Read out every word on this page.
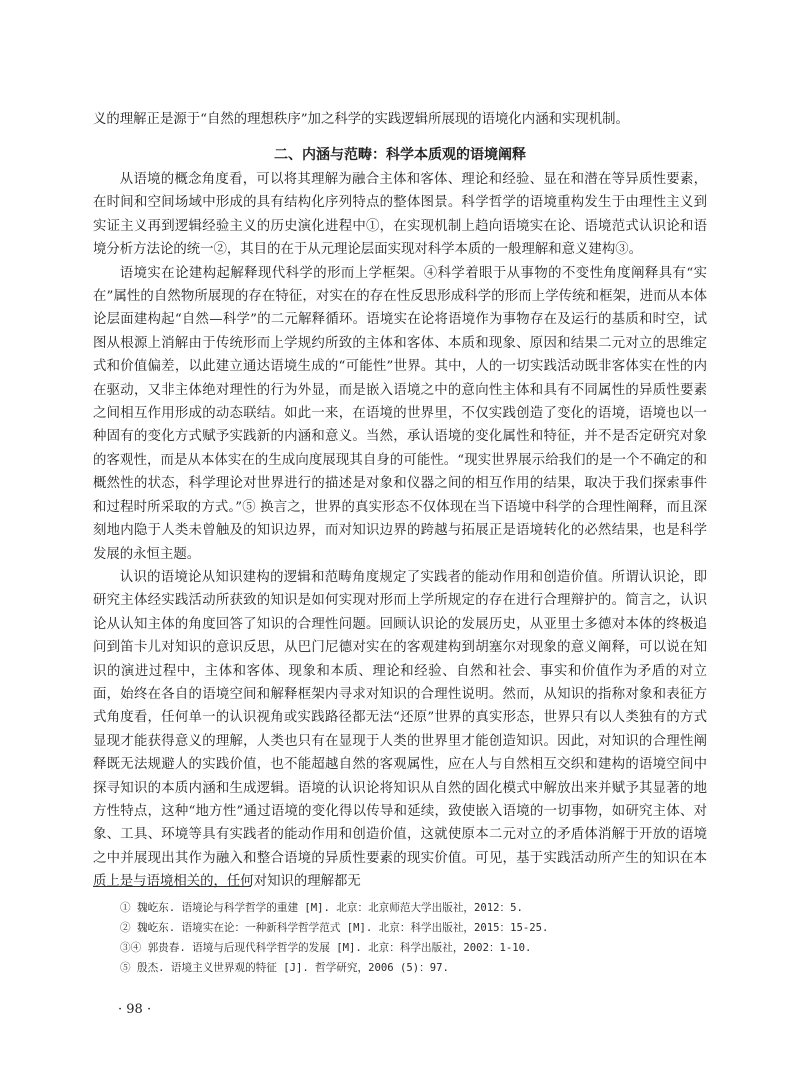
义的理解正是源于“自然的理想秩序”加之科学的实践逻辑所展现的语境化内涵和实现机制。

二、内涵与范畴：科学本质观的语境阐释

从语境的概念角度看，可以将其理解为融合主体和客体、理论和经验、显在和潜在等异质性要素，在时间和空间场域中形成的具有结构化序列特点的整体图景。科学哲学的语境重构发生于由理性主义到实证主义再到逻辑经验主义的历史演化进程中①，在实现机制上趋向语境实在论、语境范式认识论和语境分析方法论的统一②，其目的在于从元理论层面实现对科学本质的一般理解和意义建构③。

语境实在论建构起解释现代科学的形而上学框架。④科学着眼于从事物的不变性角度阐释具有“实在”属性的自然物所展现的存在特征，对实在的存在性反思形成科学的形而上学传统和框架，进而从本体论层面建构起“自然—科学”的二元解释循环。语境实在论将语境作为事物存在及运行的基质和时空，试图从根源上消解由于传统形而上学规约所致的主体和客体、本质和现象、原因和结果二元对立的思维定式和价值偏差，以此建立通达语境生成的“可能性”世界。其中，人的一切实践活动既非客体实在性的内在驱动，又非主体绝对理性的行为外显，而是嵌入语境之中的意向性主体和具有不同属性的异质性要素之间相互作用形成的动态联结。如此一来，在语境的世界里，不仅实践创造了变化的语境，语境也以一种固有的变化方式赋予实践新的内涵和意义。当然，承认语境的变化属性和特征，并不是否定研究对象的客观性，而是从本体实在的生成向度展现其自身的可能性。“现实世界展示给我们的是一个不确定的和概然性的状态，科学理论对世界进行的描述是对象和仪器之间的相互作用的结果，取决于我们探索事件和过程时所采取的方式。”⑤ 换言之，世界的真实形态不仅体现在当下语境中科学的合理性阐释，而且深刻地内隐于人类未曾触及的知识边界，而对知识边界的跨越与拓展正是语境转化的必然结果，也是科学发展的永恒主题。

认识的语境论从知识建构的逻辑和范畴角度规定了实践者的能动作用和创造价值。所谓认识论，即研究主体经实践活动所获致的知识是如何实现对形而上学所规定的存在进行合理辩护的。简言之，认识论从认知主体的角度回答了知识的合理性问题。回顾认识论的发展历史，从亚里士多德对本体的终极追问到笛卡儿对知识的意识反思，从巴门尼德对实在的客观建构到胡塞尔对现象的意义阐释，可以说在知识的演进过程中，主体和客体、现象和本质、理论和经验、自然和社会、事实和价值作为矛盾的对立面，始终在各自的语境空间和解释框架内寻求对知识的合理性说明。然而，从知识的指称对象和表征方式角度看，任何单一的认识视角或实践路径都无法“还原”世界的真实形态，世界只有以人类独有的方式显现才能获得意义的理解，人类也只有在显现于人类的世界里才能创造知识。因此，对知识的合理性阐释既无法规避人的实践价值，也不能超越自然的客观属性，应在人与自然相互交织和建构的语境空间中探寻知识的本质内涵和生成逻辑。语境的认识论将知识从自然的固化模式中解放出来并赋予其显著的地方性特点，这种“地方性”通过语境的变化得以传导和延续，致使嵌入语境的一切事物，如研究主体、对象、工具、环境等具有实践者的能动作用和创造价值，这就使原本二元对立的矛盾体消解于开放的语境之中并展现出其作为融入和整合语境的异质性要素的现实价值。可见，基于实践活动所产生的知识在本质上是与语境相关的，任何对知识的理解都无

① 魏屹东. 语境论与科学哲学的重建 [M]. 北京：北京师范大学出版社，2012：5.
② 魏屹东. 语境实在论：一种新科学哲学范式 [M]. 北京：科学出版社，2015：15-25.
③④ 郭贵春. 语境与后现代科学哲学的发展 [M]. 北京：科学出版社，2002：1-10.
⑤ 殷杰. 语境主义世界观的特征 [J]. 哲学研究，2006 (5)：97.
· 98 ·
